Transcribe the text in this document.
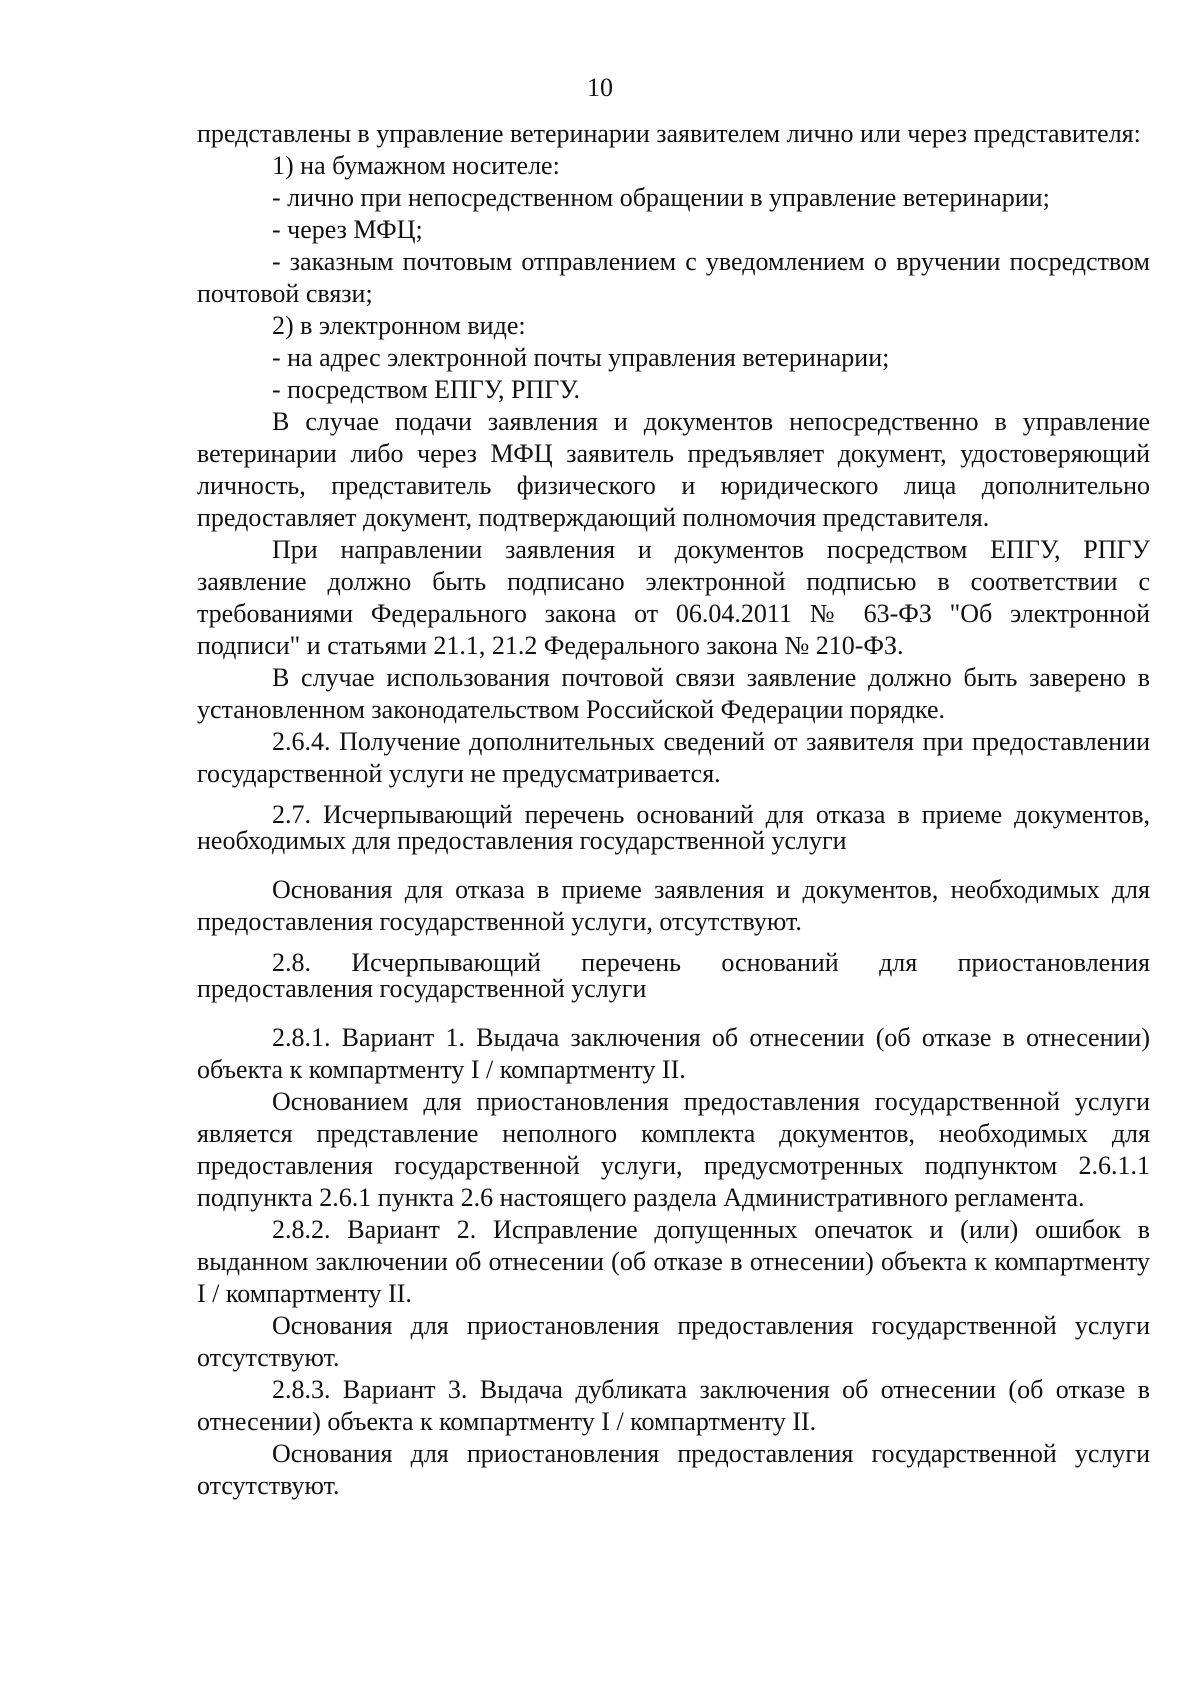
10

представлены в управление ветеринарии заявителем лично или через представителя:

1) на бумажном носителе:

- лично при непосредственном обращении в управление ветеринарии;

- через МФЦ;

- заказным почтовым отправлением с уведомлением о вручении посредством почтовой связи;

2) в электронном виде:

- на адрес электронной почты управления ветеринарии;

- посредством ЕПГУ, РПГУ.

В случае подачи заявления и документов непосредственно в управление ветеринарии либо через МФЦ заявитель предъявляет документ, удостоверяющий личность, представитель физического и юридического лица дополнительно предоставляет документ, подтверждающий полномочия представителя.

При направлении заявления и документов посредством ЕПГУ, РПГУ заявление должно быть подписано электронной подписью в соответствии с требованиями Федерального закона от 06.04.2011 № 63-ФЗ "Об электронной подписи" и статьями 21.1, 21.2 Федерального закона № 210-ФЗ.

В случае использования почтовой связи заявление должно быть заверено в установленном законодательством Российской Федерации порядке.

2.6.4. Получение дополнительных сведений от заявителя при предоставлении государственной услуги не предусматривается.

2.7. Исчерпывающий перечень оснований для отказа в приеме документов, необходимых для предоставления государственной услуги

Основания для отказа в приеме заявления и документов, необходимых для предоставления государственной услуги, отсутствуют.

2.8. Исчерпывающий перечень оснований для приостановления предоставления государственной услуги

2.8.1. Вариант 1. Выдача заключения об отнесении (об отказе в отнесении) объекта к компартменту I / компартменту II.

Основанием для приостановления предоставления государственной услуги является представление неполного комплекта документов, необходимых для предоставления государственной услуги, предусмотренных подпунктом 2.6.1.1 подпункта 2.6.1 пункта 2.6 настоящего раздела Административного регламента.

2.8.2. Вариант 2. Исправление допущенных опечаток и (или) ошибок в выданном заключении об отнесении (об отказе в отнесении) объекта к компартменту I / компартменту II.

Основания для приостановления предоставления государственной услуги отсутствуют.

2.8.3. Вариант 3. Выдача дубликата заключения об отнесении (об отказе в отнесении) объекта к компартменту I / компартменту II.

Основания для приостановления предоставления государственной услуги отсутствуют.
